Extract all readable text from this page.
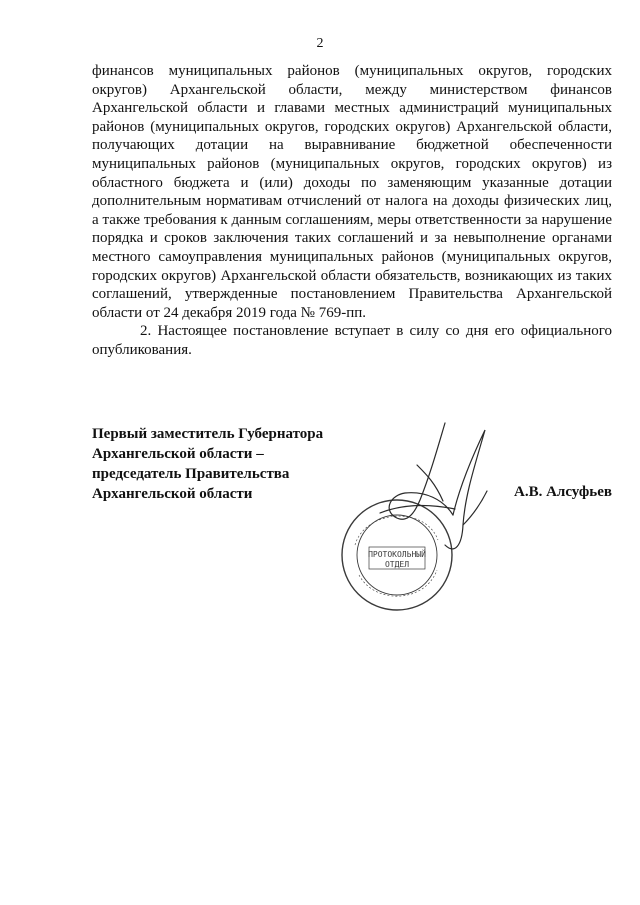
2

финансов муниципальных районов (муниципальных округов, городских округов) Архангельской области, между министерством финансов Архангельской области и главами местных администраций муниципальных районов (муниципальных округов, городских округов) Архангельской области, получающих дотации на выравнивание бюджетной обеспеченности муниципальных районов (муниципальных округов, городских округов) из областного бюджета и (или) доходы по заменяющим указанные дотации дополнительным нормативам отчислений от налога на доходы физических лиц, а также требования к данным соглашениям, меры ответственности за нарушение порядка и сроков заключения таких соглашений и за невыполнение органами местного самоуправления муниципальных районов (муниципальных округов, городских округов) Архангельской области обязательств, возникающих из таких соглашений, утвержденные постановлением Правительства Архангельской области от 24 декабря 2019 года № 769-пп.

2. Настоящее постановление вступает в силу со дня его официального опубликования.

Первый заместитель Губернатора
Архангельской области –
председатель Правительства
Архангельской области	А.В. Алсуфьев
ПРОТОКОЛЬНЫЙ
ОТДЕЛ
